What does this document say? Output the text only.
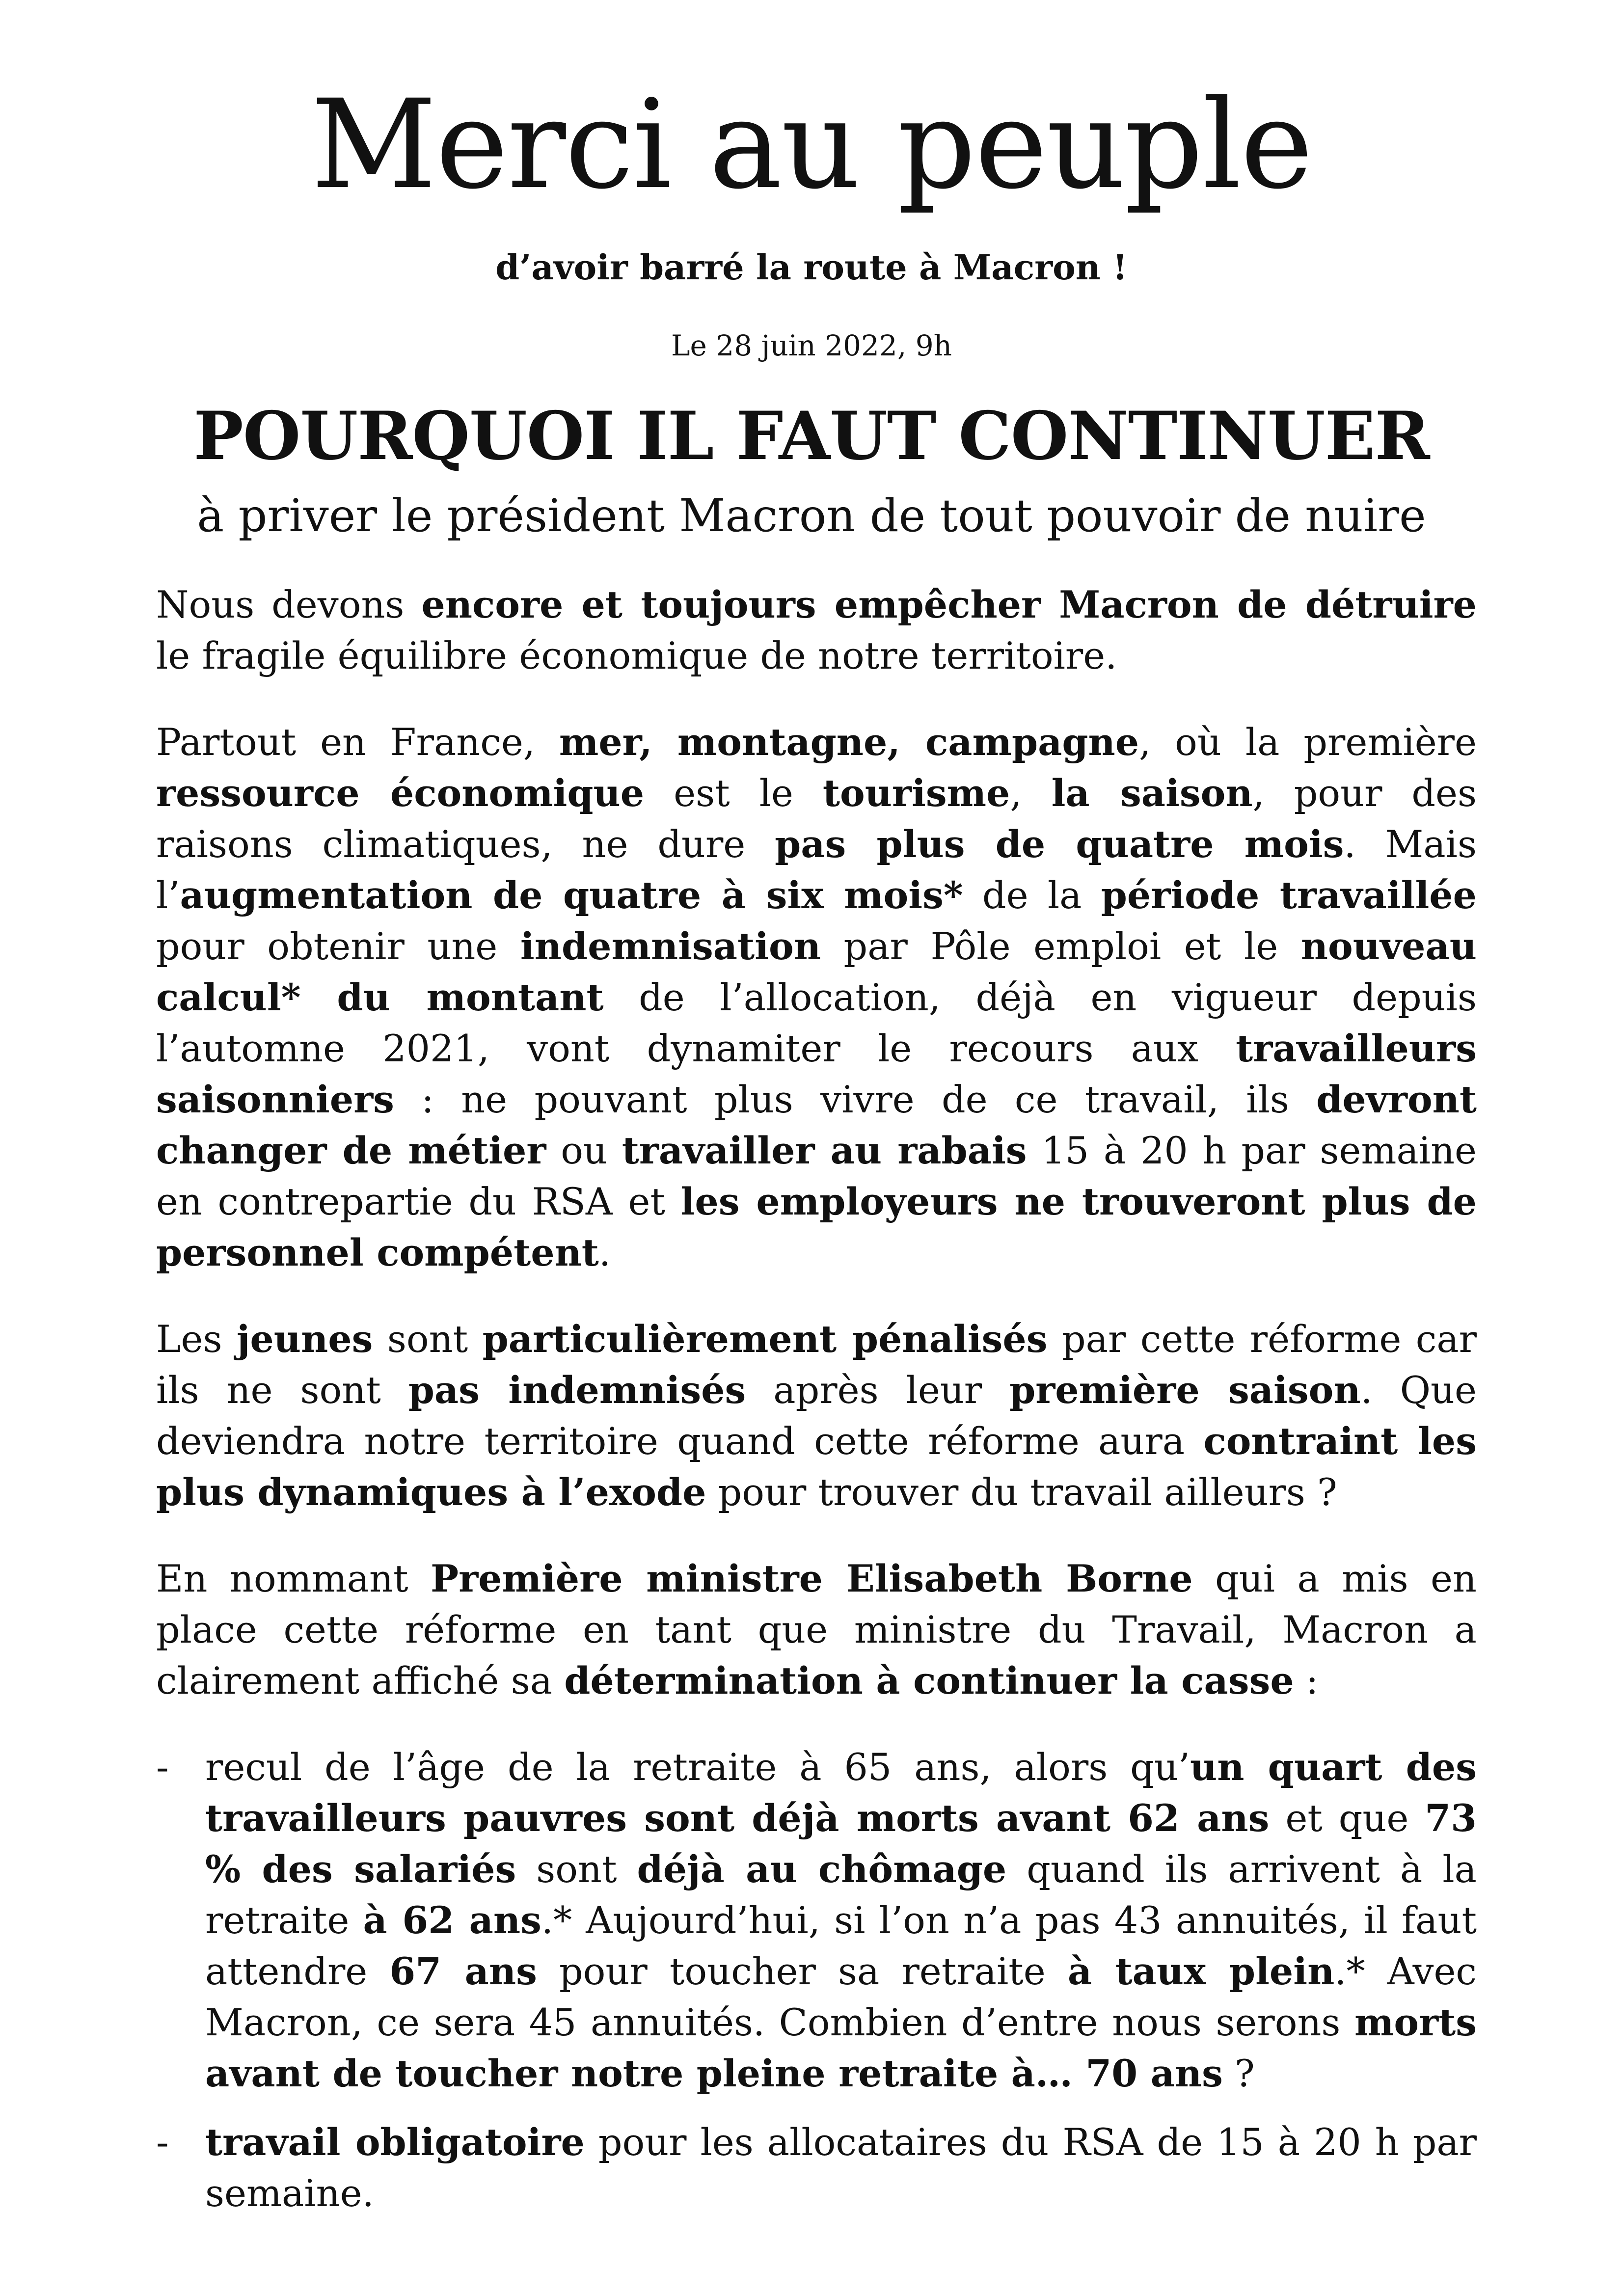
Merci au peuple
d’avoir barré la route à Macron !
Le 28 juin 2022, 9h
POURQUOI IL FAUT CONTINUER
à priver le président Macron de tout pouvoir de nuire

Nous devons encore et toujours empêcher Macron de détruire le fragile équilibre économique de notre territoire.

Partout en France, mer, montagne, campagne, où la première ressource économique est le tourisme, la saison, pour des raisons climatiques, ne dure pas plus de quatre mois. Mais l’augmentation de quatre à six mois* de la période travaillée pour obtenir une indemnisation par Pôle emploi et le nouveau calcul* du montant de l’allocation, déjà en vigueur depuis l’automne 2021, vont dynamiter le recours aux travailleurs saisonniers : ne pouvant plus vivre de ce travail, ils devront changer de métier ou travailler au rabais 15 à 20 h par semaine en contrepartie du RSA et les employeurs ne trouveront plus de personnel compétent.

Les jeunes sont particulièrement pénalisés par cette réforme car ils ne sont pas indemnisés après leur première saison. Que deviendra notre territoire quand cette réforme aura contraint les plus dynamiques à l’exode pour trouver du travail ailleurs ?

En nommant Première ministre Elisabeth Borne qui a mis en place cette réforme en tant que ministre du Travail, Macron a clairement affiché sa détermination à continuer la casse :

- recul de l’âge de la retraite à 65 ans, alors qu’un quart des travailleurs pauvres sont déjà morts avant 62 ans et que 73 % des salariés sont déjà au chômage quand ils arrivent à la retraite à 62 ans.* Aujourd’hui, si l’on n’a pas 43 annuités, il faut attendre 67 ans pour toucher sa retraite à taux plein.* Avec Macron, ce sera 45 annuités. Combien d’entre nous serons morts avant de toucher notre pleine retraite à… 70 ans ?
- travail obligatoire pour les allocataires du RSA de 15 à 20 h par semaine.
